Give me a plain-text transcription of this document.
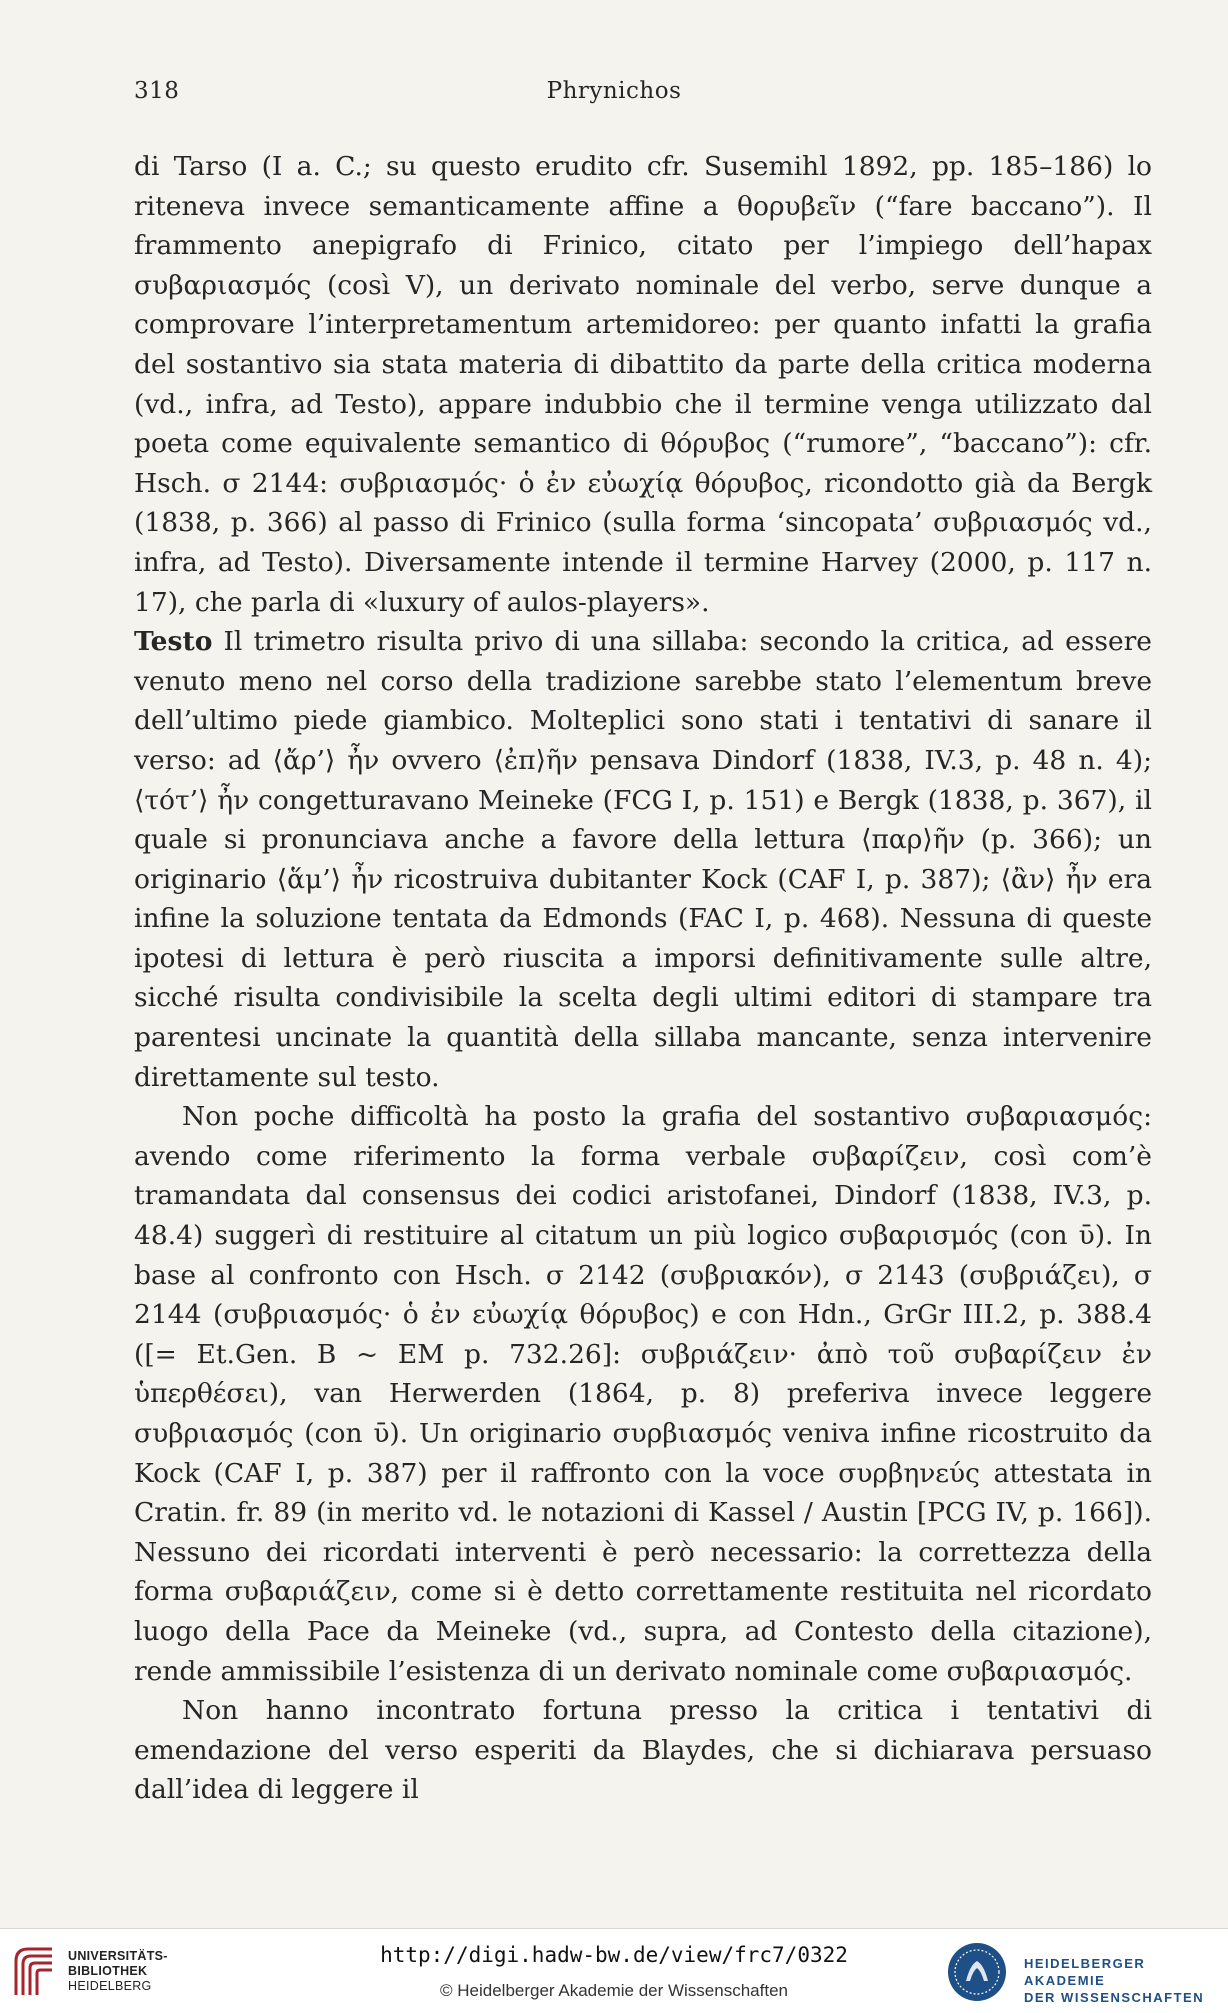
318	Phrynichos

di Tarso (I a. C.; su questo erudito cfr. Susemihl 1892, pp. 185–186) lo riteneva invece semanticamente affine a θορυβεῖν (“fare baccano”). Il frammento anepigrafo di Frinico, citato per l’impiego dell’hapax συβαριασμός (così V), un derivato nominale del verbo, serve dunque a comprovare l’interpretamentum artemidoreo: per quanto infatti la grafia del sostantivo sia stata materia di dibattito da parte della critica moderna (vd., infra, ad Testo), appare indubbio che il termine venga utilizzato dal poeta come equivalente semantico di θόρυβος (“rumore”, “baccano”): cfr. Hsch. σ 2144: συβριασμός· ὁ ἐν εὐωχίᾳ θόρυβος, ricondotto già da Bergk (1838, p. 366) al passo di Frinico (sulla forma ‘sincopata’ συβριασμός vd., infra, ad Testo). Diversamente intende il termine Harvey (2000, p. 117 n. 17), che parla di «luxury of aulos-players».

Testo Il trimetro risulta privo di una sillaba: secondo la critica, ad essere venuto meno nel corso della tradizione sarebbe stato l’elementum breve dell’ultimo piede giambico. Molteplici sono stati i tentativi di sanare il verso: ad ⟨ἄρ’⟩ ἦν ovvero ⟨ἐπ⟩ῆν pensava Dindorf (1838, IV.3, p. 48 n. 4); ⟨τότ’⟩ ἦν congetturavano Meineke (FCG I, p. 151) e Bergk (1838, p. 367), il quale si pronunciava anche a favore della lettura ⟨παρ⟩ῆν (p. 366); un originario ⟨ἅμ’⟩ ἦν ricostruiva dubitanter Kock (CAF I, p. 387); ⟨ἂν⟩ ἦν era infine la soluzione tentata da Edmonds (FAC I, p. 468). Nessuna di queste ipotesi di lettura è però riuscita a imporsi definitivamente sulle altre, sicché risulta condivisibile la scelta degli ultimi editori di stampare tra parentesi uncinate la quantità della sillaba mancante, senza intervenire direttamente sul testo.

Non poche difficoltà ha posto la grafia del sostantivo συβαριασμός: avendo come riferimento la forma verbale συβαρίζειν, così com’è tramandata dal consensus dei codici aristofanei, Dindorf (1838, IV.3, p. 48.4) suggerì di restituire al citatum un più logico συβαρισμός (con ῡ). In base al confronto con Hsch. σ 2142 (συβριακόν), σ 2143 (συβριάζει), σ 2144 (συβριασμός· ὁ ἐν εὐωχίᾳ θόρυβος) e con Hdn., GrGr III.2, p. 388.4 ([= Et.Gen. B ~ EM p. 732.26]: συβριάζειν· ἀπὸ τοῦ συβαρίζειν ἐν ὑπερθέσει), van Herwerden (1864, p. 8) preferiva invece leggere συβριασμός (con ῡ). Un originario συρβιασμός veniva infine ricostruito da Kock (CAF I, p. 387) per il raffronto con la voce συρβηνεύς attestata in Cratin. fr. 89 (in merito vd. le notazioni di Kassel / Austin [PCG IV, p. 166]). Nessuno dei ricordati interventi è però necessario: la correttezza della forma συβαριάζειν, come si è detto correttamente restituita nel ricordato luogo della Pace da Meineke (vd., supra, ad Contesto della citazione), rende ammissibile l’esistenza di un derivato nominale come συβαριασμός.

Non hanno incontrato fortuna presso la critica i tentativi di emendazione del verso esperiti da Blaydes, che si dichiarava persuaso dall’idea di leggere il

UNIVERSITÄTS-
BIBLIOTHEK
HEIDELBERG
http://digi.hadw-bw.de/view/frc7/0322
© Heidelberger Akademie der Wissenschaften
HEIDELBERGER AKADEMIE
DER WISSENSCHAFTEN
